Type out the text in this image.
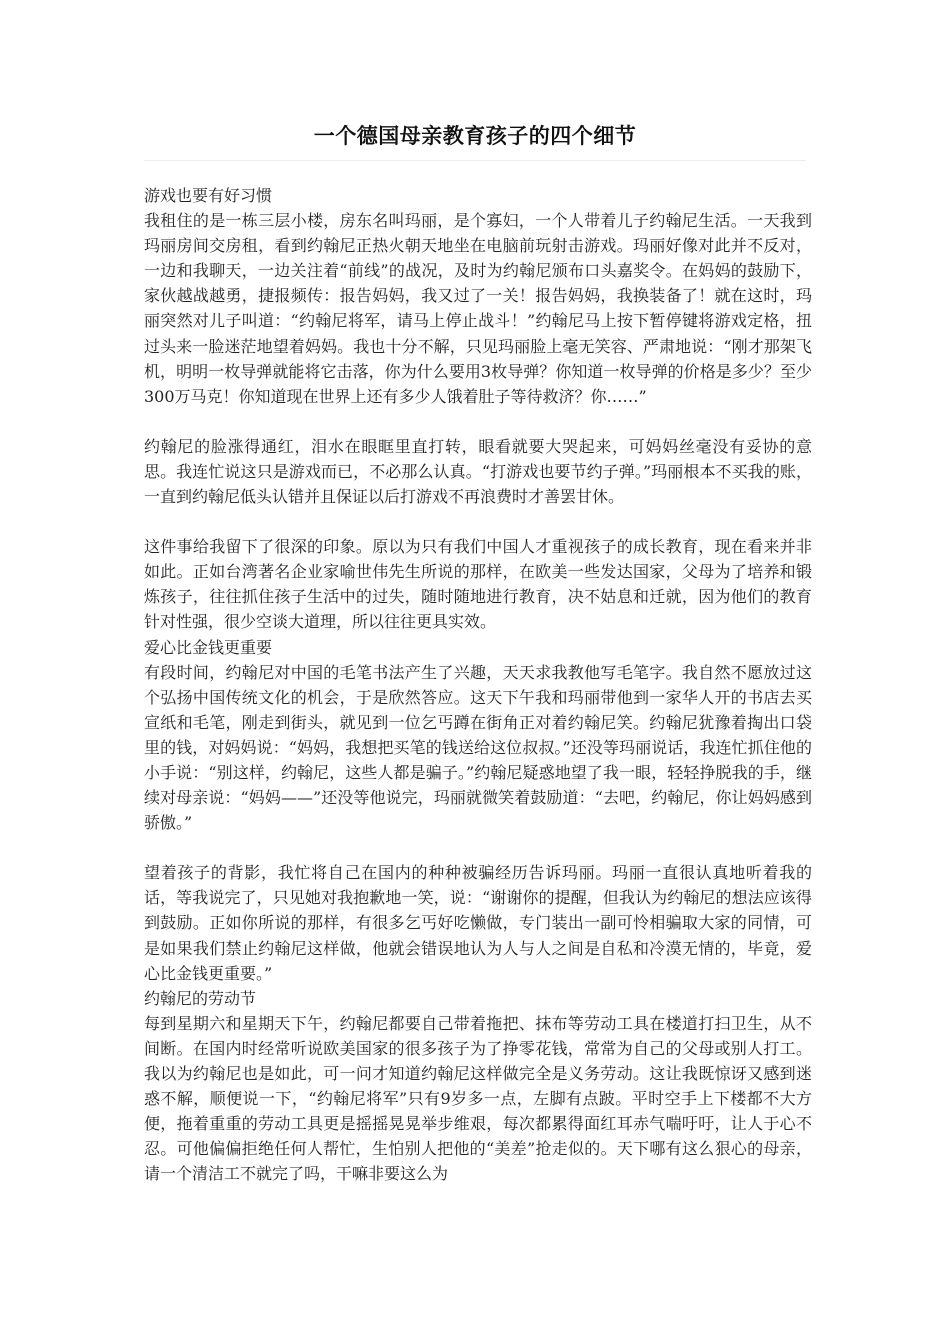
一个德国母亲教育孩子的四个细节

游戏也要有好习惯

我租住的是一栋三层小楼，房东名叫玛丽，是个寡妇，一个人带着儿子约翰尼生活。一天我到玛丽房间交房租，看到约翰尼正热火朝天地坐在电脑前玩射击游戏。玛丽好像对此并不反对，一边和我聊天，一边关注着“前线”的战况，及时为约翰尼颁布口头嘉奖令。在妈妈的鼓励下，家伙越战越勇，捷报频传：报告妈妈，我又过了一关！报告妈妈，我换装备了！就在这时，玛丽突然对儿子叫道：“约翰尼将军，请马上停止战斗！”约翰尼马上按下暂停键将游戏定格，扭过头来一脸迷茫地望着妈妈。我也十分不解，只见玛丽脸上毫无笑容、严肃地说：“刚才那架飞机，明明一枚导弹就能将它击落，你为什么要用3枚导弹？你知道一枚导弹的价格是多少？至少300万马克！你知道现在世界上还有多少人饿着肚子等待救济？你……”

约翰尼的脸涨得通红，泪水在眼眶里直打转，眼看就要大哭起来，可妈妈丝毫没有妥协的意思。我连忙说这只是游戏而已，不必那么认真。“打游戏也要节约子弹。”玛丽根本不买我的账，一直到约翰尼低头认错并且保证以后打游戏不再浪费时才善罢甘休。

这件事给我留下了很深的印象。原以为只有我们中国人才重视孩子的成长教育，现在看来并非如此。正如台湾著名企业家喻世伟先生所说的那样，在欧美一些发达国家，父母为了培养和锻炼孩子，往往抓住孩子生活中的过失，随时随地进行教育，决不姑息和迁就，因为他们的教育针对性强，很少空谈大道理，所以往往更具实效。

爱心比金钱更重要

有段时间，约翰尼对中国的毛笔书法产生了兴趣，天天求我教他写毛笔字。我自然不愿放过这个弘扬中国传统文化的机会，于是欣然答应。这天下午我和玛丽带他到一家华人开的书店去买宣纸和毛笔，刚走到街头，就见到一位乞丐蹲在街角正对着约翰尼笑。约翰尼犹豫着掏出口袋里的钱，对妈妈说：“妈妈，我想把买笔的钱送给这位叔叔。”还没等玛丽说话，我连忙抓住他的小手说：“别这样，约翰尼，这些人都是骗子。”约翰尼疑惑地望了我一眼，轻轻挣脱我的手，继续对母亲说：“妈妈——”还没等他说完，玛丽就微笑着鼓励道：“去吧，约翰尼，你让妈妈感到骄傲。”

望着孩子的背影，我忙将自己在国内的种种被骗经历告诉玛丽。玛丽一直很认真地听着我的话，等我说完了，只见她对我抱歉地一笑，说：“谢谢你的提醒，但我认为约翰尼的想法应该得到鼓励。正如你所说的那样，有很多乞丐好吃懒做，专门装出一副可怜相骗取大家的同情，可是如果我们禁止约翰尼这样做，他就会错误地认为人与人之间是自私和冷漠无情的，毕竟，爱心比金钱更重要。”

约翰尼的劳动节

每到星期六和星期天下午，约翰尼都要自己带着拖把、抹布等劳动工具在楼道打扫卫生，从不间断。在国内时经常听说欧美国家的很多孩子为了挣零花钱，常常为自己的父母或别人打工。我以为约翰尼也是如此，可一问才知道约翰尼这样做完全是义务劳动。这让我既惊讶又感到迷惑不解，顺便说一下，“约翰尼将军”只有9岁多一点，左脚有点跛。平时空手上下楼都不大方便，拖着重重的劳动工具更是摇摇晃晃举步维艰，每次都累得面红耳赤气喘吁吁，让人于心不忍。可他偏偏拒绝任何人帮忙，生怕别人把他的“美差”抢走似的。天下哪有这么狠心的母亲，请一个清洁工不就完了吗，干嘛非要这么为
